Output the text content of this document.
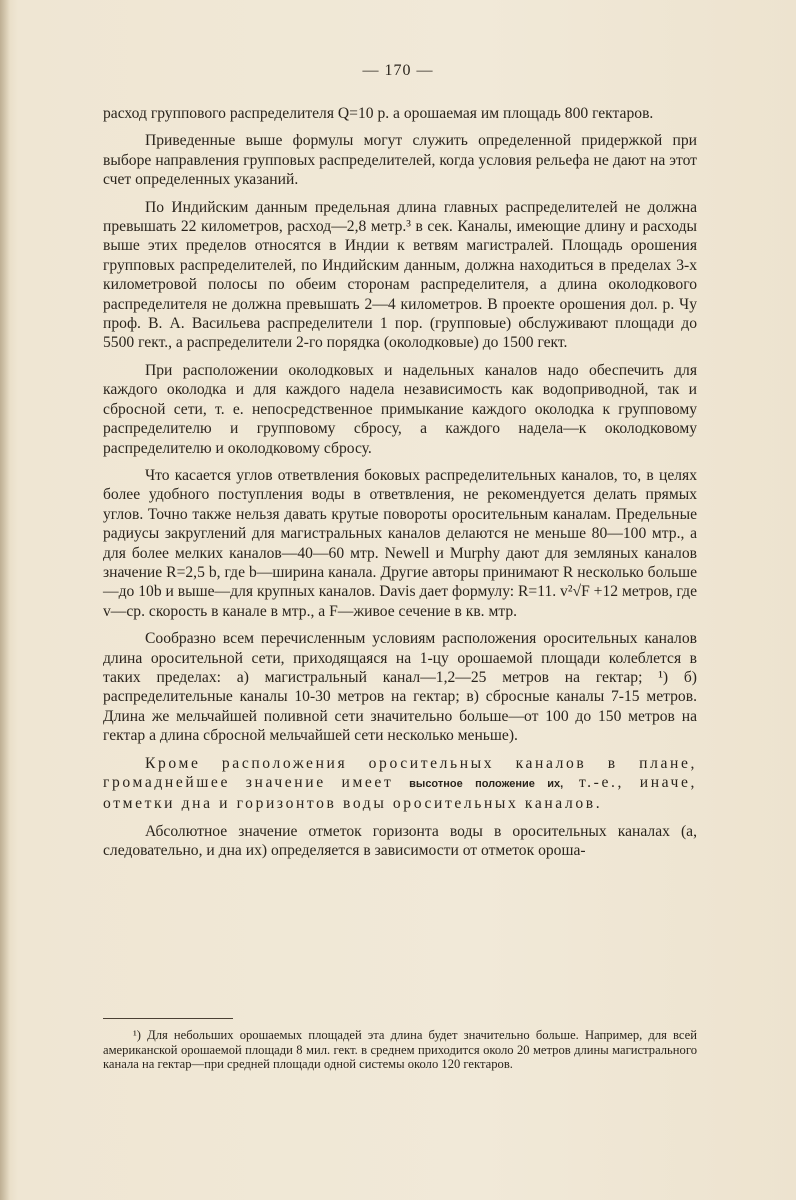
— 170 —

расход группового распределителя Q=10 р. а орошаемая им площадь 800 гектаров.

Приведенные выше формулы могут служить определенной придержкой при выборе направления групповых распределителей, когда условия рельефа не дают на этот счет определенных указаний.

По Индийским данным предельная длина главных распределителей не должна превышать 22 километров, расход—2,8 метр.³ в сек. Каналы, имеющие длину и расходы выше этих пределов относятся в Индии к ветвям магистралей. Площадь орошения групповых распределителей, по Индийским данным, должна находиться в пределах 3-х километровой полосы по обеим сторонам распределителя, а длина околодкового распределителя не должна превышать 2—4 километров. В проекте орошения дол. р. Чу проф. В. А. Васильева распределители 1 пор. (групповые) обслуживают площади до 5500 гект., а распределители 2-го порядка (околодковые) до 1500 гект.

При расположении околодковых и надельных каналов надо обеспечить для каждого околодка и для каждого надела независимость как водоприводной, так и сбросной сети, т. е. непосредственное примыкание каждого околодка к групповому распределителю и групповому сбросу, а каждого надела—к околодковому распределителю и околодковому сбросу.

Что касается углов ответвления боковых распределительных каналов, то, в целях более удобного поступления воды в ответвления, не рекомендуется делать прямых углов. Точно также нельзя давать крутые повороты оросительным каналам. Предельные радиусы закруглений для магистральных каналов делаются не меньше 80—100 мтр., а для более мелких каналов—40—60 мтр. Newell и Murphy дают для земляных каналов значение R=2,5 b, где b—ширина канала. Другие авторы принимают R несколько больше—до 10b и выше—для крупных каналов. Davis дает формулу: R=11. v²√F +12 метров, где v—ср. скорость в канале в мтр., а F—живое сечение в кв. мтр.

Сообразно всем перечисленным условиям расположения оросительных каналов длина оросительной сети, приходящаяся на 1-цу орошаемой площади колеблется в таких пределах: а) магистральный канал—1,2—25 метров на гектар; ¹) б) распределительные каналы 10-30 метров на гектар; в) сбросные каналы 7-15 метров. Длина же мельчайшей поливной сети значительно больше—от 100 до 150 метров на гектар а длина сбросной мельчайшей сети несколько меньше).

Кроме расположения оросительных каналов в плане, громаднейшее значение имеет высотное положение их, т.-е., иначе, отметки дна и горизонтов воды оросительных каналов.

Абсолютное значение отметок горизонта воды в оросительных каналах (а, следовательно, и дна их) определяется в зависимости от отметок ороша-

¹) Для небольших орошаемых площадей эта длина будет значительно больше. Например, для всей американской орошаемой площади 8 мил. гект. в среднем приходится около 20 метров длины магистрального канала на гектар—при средней площади одной системы около 120 гектаров.
